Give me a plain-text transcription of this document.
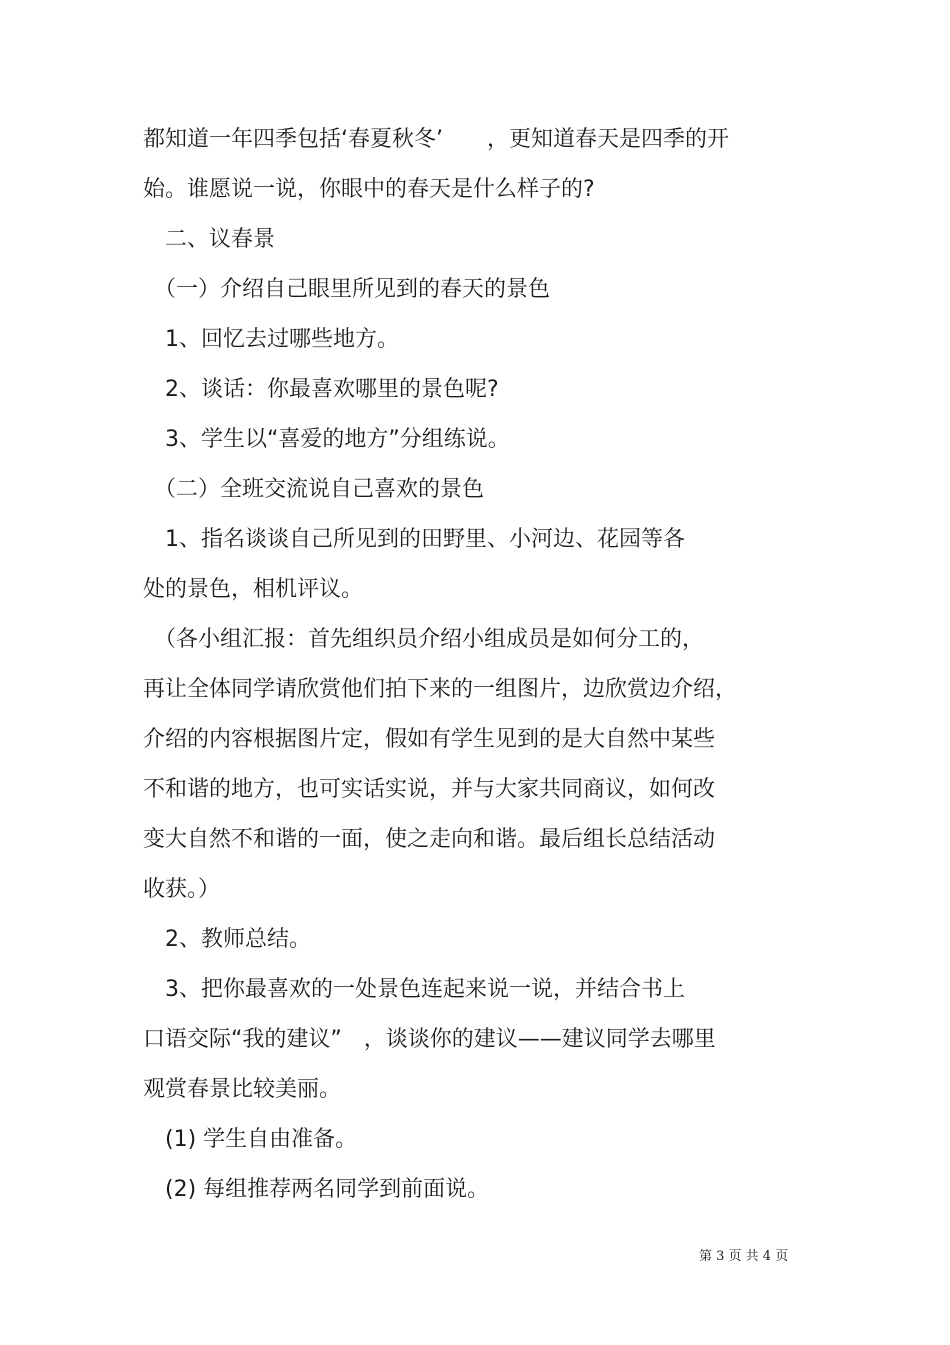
都知道一年四季包括‘春夏秋冬’　　，更知道春天是四季的开
始。谁愿说一说，你眼中的春天是什么样子的?
　二、议春景
　（一）介绍自己眼里所见到的春天的景色
　1、回忆去过哪些地方。
　2、谈话：你最喜欢哪里的景色呢?
　3、学生以“喜爱的地方”分组练说。
　（二）全班交流说自己喜欢的景色
　1、指名谈谈自己所见到的田野里、小河边、花园等各
处的景色，相机评议。
　（各小组汇报：首先组织员介绍小组成员是如何分工的，
再让全体同学请欣赏他们拍下来的一组图片，边欣赏边介绍，
介绍的内容根据图片定，假如有学生见到的是大自然中某些
不和谐的地方，也可实话实说，并与大家共同商议，如何改
变大自然不和谐的一面，使之走向和谐。最后组长总结活动
收获。）
　2、教师总结。
　3、把你最喜欢的一处景色连起来说一说，并结合书上
口语交际“我的建议”　，谈谈你的建议——建议同学去哪里
观赏春景比较美丽。
　(1) 学生自由准备。
　(2) 每组推荐两名同学到前面说。
第 3 页 共 4 页
